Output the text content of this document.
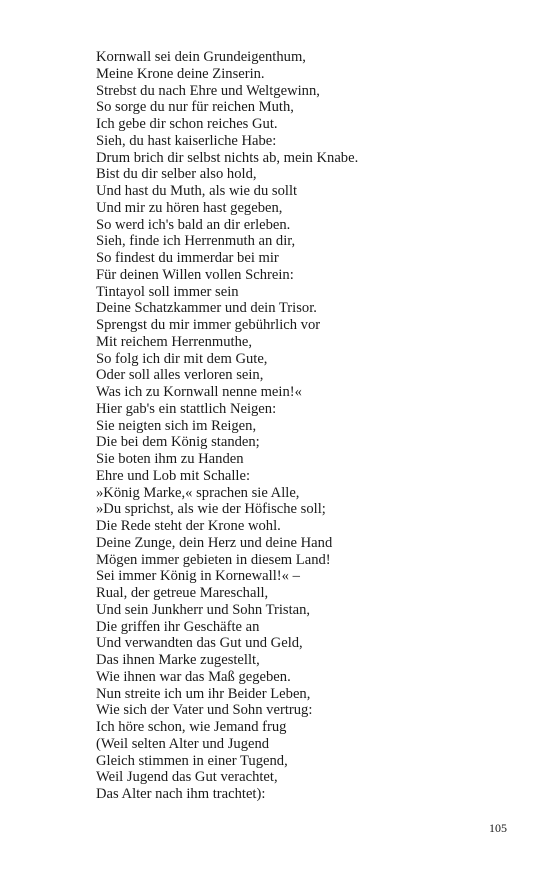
Kornwall sei dein Grundeigenthum,
Meine Krone deine Zinserin.
Strebst du nach Ehre und Weltgewinn,
So sorge du nur für reichen Muth,
Ich gebe dir schon reiches Gut.
Sieh, du hast kaiserliche Habe:
Drum brich dir selbst nichts ab, mein Knabe.
Bist du dir selber also hold,
Und hast du Muth, als wie du sollt
Und mir zu hören hast gegeben,
So werd ich's bald an dir erleben.
Sieh, finde ich Herrenmuth an dir,
So findest du immerdar bei mir
Für deinen Willen vollen Schrein:
Tintayol soll immer sein
Deine Schatzkammer und dein Trisor.
Sprengst du mir immer gebührlich vor
Mit reichem Herrenmuthe,
So folg ich dir mit dem Gute,
Oder soll alles verloren sein,
Was ich zu Kornwall nenne mein!«
Hier gab's ein stattlich Neigen:
Sie neigten sich im Reigen,
Die bei dem König standen;
Sie boten ihm zu Handen
Ehre und Lob mit Schalle:
»König Marke,« sprachen sie Alle,
»Du sprichst, als wie der Höfische soll;
Die Rede steht der Krone wohl.
Deine Zunge, dein Herz und deine Hand
Mögen immer gebieten in diesem Land!
Sei immer König in Kornewall!« –
Rual, der getreue Mareschall,
Und sein Junkherr und Sohn Tristan,
Die griffen ihr Geschäfte an
Und verwandten das Gut und Geld,
Das ihnen Marke zugestellt,
Wie ihnen war das Maß gegeben.
Nun streite ich um ihr Beider Leben,
Wie sich der Vater und Sohn vertrug:
Ich höre schon, wie Jemand frug
(Weil selten Alter und Jugend
Gleich stimmen in einer Tugend,
Weil Jugend das Gut verachtet,
Das Alter nach ihm trachtet):
105
